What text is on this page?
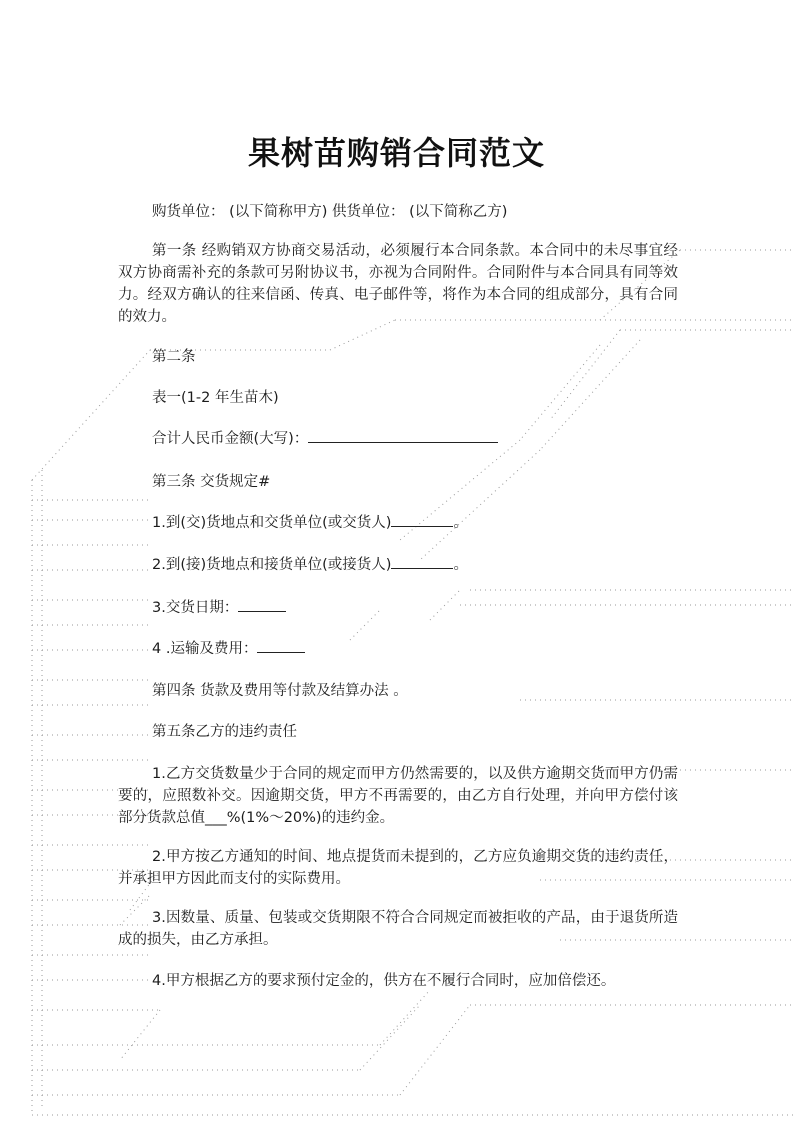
果树苗购销合同范文
购货单位： (以下简称甲方) 供货单位： (以下简称乙方)
第一条 经购销双方协商交易活动，必须履行本合同条款。本合同中的未尽事宜经双方协商需补充的条款可另附协议书，亦视为合同附件。合同附件与本合同具有同等效力。经双方确认的往来信函、传真、电子邮件等，将作为本合同的组成部分，具有合同的效力。
第二条
表一(1-2 年生苗木)
合计人民币金额(大写)：
第三条 交货规定#
1.到(交)货地点和交货单位(或交货人)	。
2.到(接)货地点和接货单位(或接货人)	。
3.交货日期：
4 .运输及费用：
第四条 货款及费用等付款及结算办法 。
第五条乙方的违约责任
1.乙方交货数量少于合同的规定而甲方仍然需要的，以及供方逾期交货而甲方仍需要的，应照数补交。因逾期交货，甲方不再需要的，由乙方自行处理，并向甲方偿付该部分货款总值___%(1%～20%)的违约金。
2.甲方按乙方通知的时间、地点提货而未提到的，乙方应负逾期交货的违约责任，并承担甲方因此而支付的实际费用。
3.因数量、质量、包装或交货期限不符合合同规定而被拒收的产品，由于退货所造成的损失，由乙方承担。
4.甲方根据乙方的要求预付定金的，供方在不履行合同时，应加倍偿还。
